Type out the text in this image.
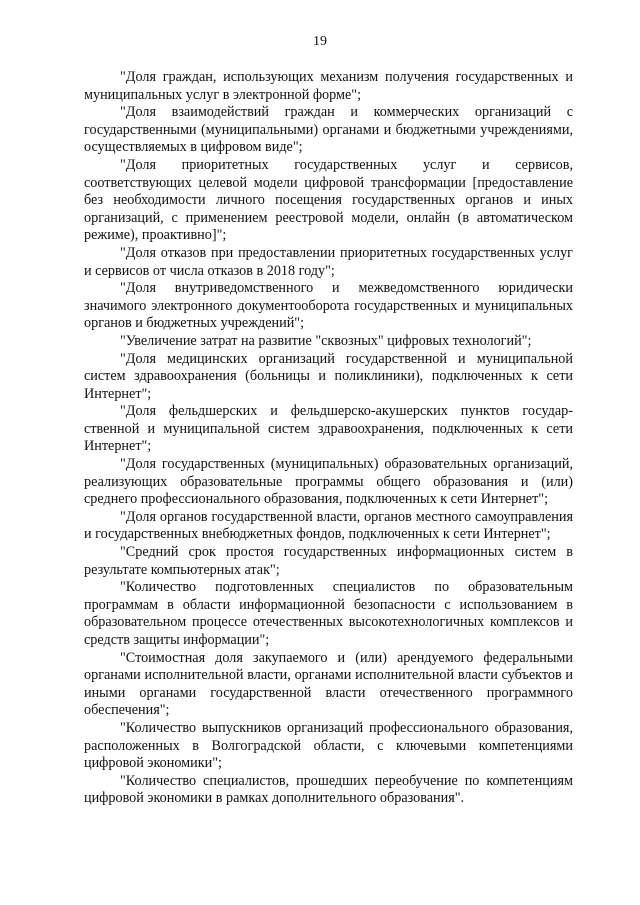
19

"Доля граждан, использующих механизм получения государственных и муниципальных услуг в электронной форме";

"Доля взаимодействий граждан и коммерческих организаций с государственными (муниципальными) органами и бюджетными учреждениями, осуществляемых в цифровом виде";

"Доля приоритетных государственных услуг и сервисов, соответствующих целевой модели цифровой трансформации [предоставление без необходимости личного посещения государственных органов и иных организаций, с применением реестровой модели, онлайн (в автоматическом режиме), проактивно]";

"Доля отказов при предоставлении приоритетных государственных услуг и сервисов от числа отказов в 2018 году";

"Доля внутриведомственного и межведомственного юридически значимого электронного документооборота государственных и муниципальных органов и бюджетных учреждений";

"Увеличение затрат на развитие "сквозных" цифровых технологий";

"Доля медицинских организаций государственной и муниципальной систем здравоохранения (больницы и поликлиники), подключенных к сети Интернет";

"Доля фельдшерских и фельдшерско-акушерских пунктов государственной и муниципальной систем здравоохранения, подключенных к сети Интернет";

"Доля государственных (муниципальных) образовательных организаций, реализующих образовательные программы общего образования и (или) среднего профессионального образования, подключенных к сети Интернет";

"Доля органов государственной власти, органов местного самоуправления и государственных внебюджетных фондов, подключенных к сети Интернет";

"Средний срок простоя государственных информационных систем в результате компьютерных атак";

"Количество подготовленных специалистов по образовательным программам в области информационной безопасности с использованием в образовательном процессе отечественных высокотехнологичных комплексов и средств защиты информации";

"Стоимостная доля закупаемого и (или) арендуемого федеральными органами исполнительной власти, органами исполнительной власти субъектов и иными органами государственной власти отечественного программного обеспечения";

"Количество выпускников организаций профессионального образования, расположенных в Волгоградской области, с ключевыми компетенциями цифровой экономики";

"Количество специалистов, прошедших переобучение по компетенциям цифровой экономики в рамках дополнительного образования".
